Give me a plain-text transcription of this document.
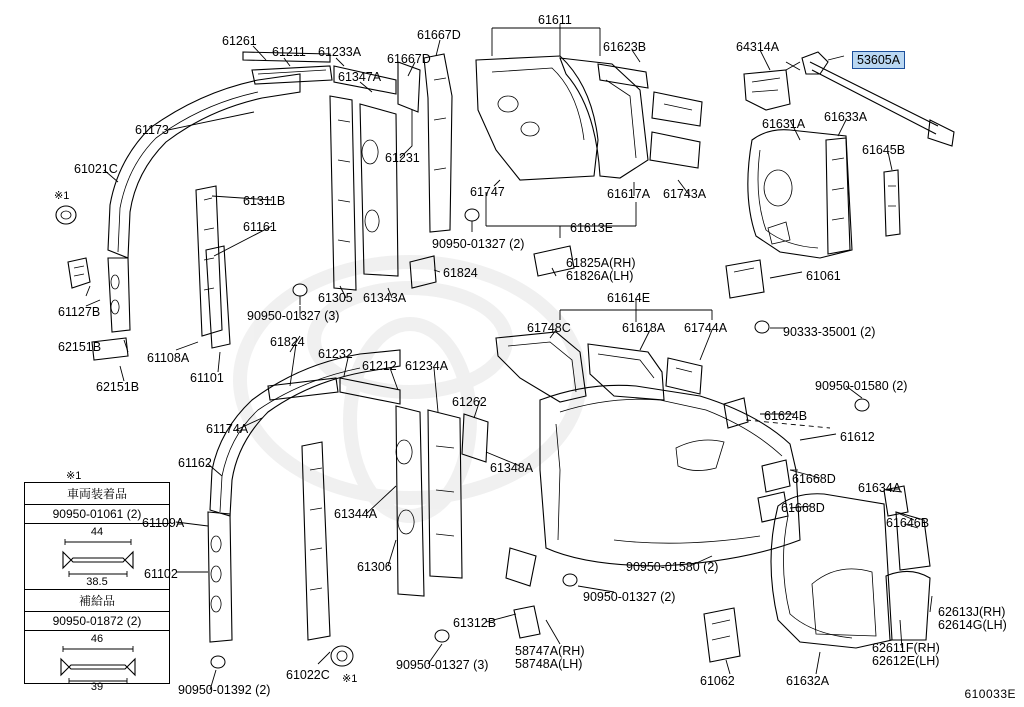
車両装着品
90950-01061 (2)
44
38.5
補給品
90950-01872 (2)
46
39
※1
61261
61211 61233A
61667D
61611
61623B	64314A
53605A
61667D
61347A
61633A
61631A
61173
61231
61645B
61021C
61311B
61747	61617A 61743A
※1
61161	61613E
90950-01327 (2)
61825A(RH)
61826A(LH)
61824	61061
61127B
61305 61343A	61614E
90950-01327 (3)
61748C	61618A 61744A	90333-35001 (2)
62151B
61108A
61824
61232
61212 61234A
62151B
61101
61262
90950-01580 (2)
61624B
61174A
61612
61162	61348A
61668D
61634A
61109A
61344A	61668D
61646B
61102	61306	90950-01580 (2)
61312B
90950-01327 (3)
90950-01327 (2)
58747A(RH)
58748A(LH)
62613J(RH)
62614G(LH)
62611F(RH)
62612E(LH)
61062	61632A
61022C ※1
90950-01392 (2)	610033E
